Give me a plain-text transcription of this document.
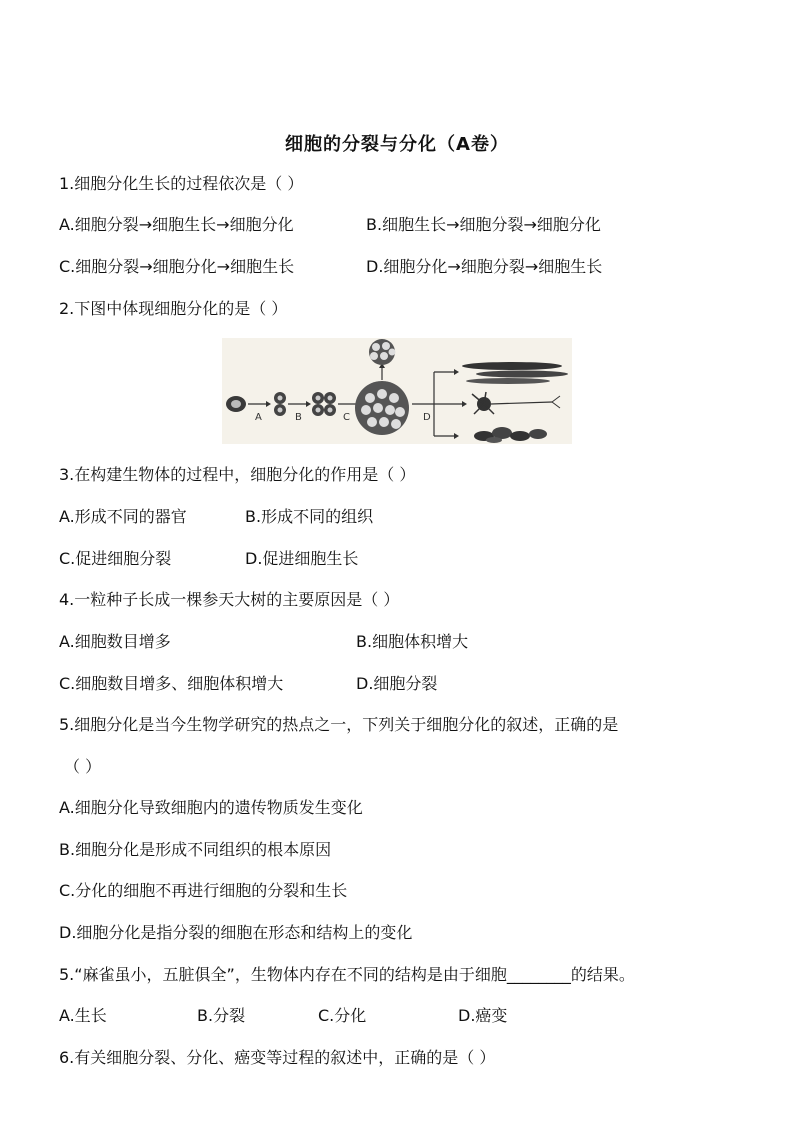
细胞的分裂与分化（A卷）
1.细胞分化生长的过程依次是（ ）
A.细胞分裂→细胞生长→细胞分化	B.细胞生长→细胞分裂→细胞分化
C.细胞分裂→细胞分化→细胞生长	D.细胞分化→细胞分裂→细胞生长
2.下图中体现细胞分化的是（ ）
A	B	C	D
3.在构建生物体的过程中，细胞分化的作用是（ ）
A.形成不同的器官	B.形成不同的组织
C.促进细胞分裂	D.促进细胞生长
4.一粒种子长成一棵参天大树的主要原因是（ ）
A.细胞数目增多	B.细胞体积增大
C.细胞数目增多、细胞体积增大	D.细胞分裂
5.细胞分化是当今生物学研究的热点之一，下列关于细胞分化的叙述，正确的是
（ ）
A.细胞分化导致细胞内的遗传物质发生变化
B.细胞分化是形成不同组织的根本原因
C.分化的细胞不再进行细胞的分裂和生长
D.细胞分化是指分裂的细胞在形态和结构上的变化
5.“麻雀虽小，五脏俱全”，生物体内存在不同的结构是由于细胞________的结果。
A.生长	B.分裂	C.分化	D.癌变
6.有关细胞分裂、分化、癌变等过程的叙述中，正确的是（ ）
